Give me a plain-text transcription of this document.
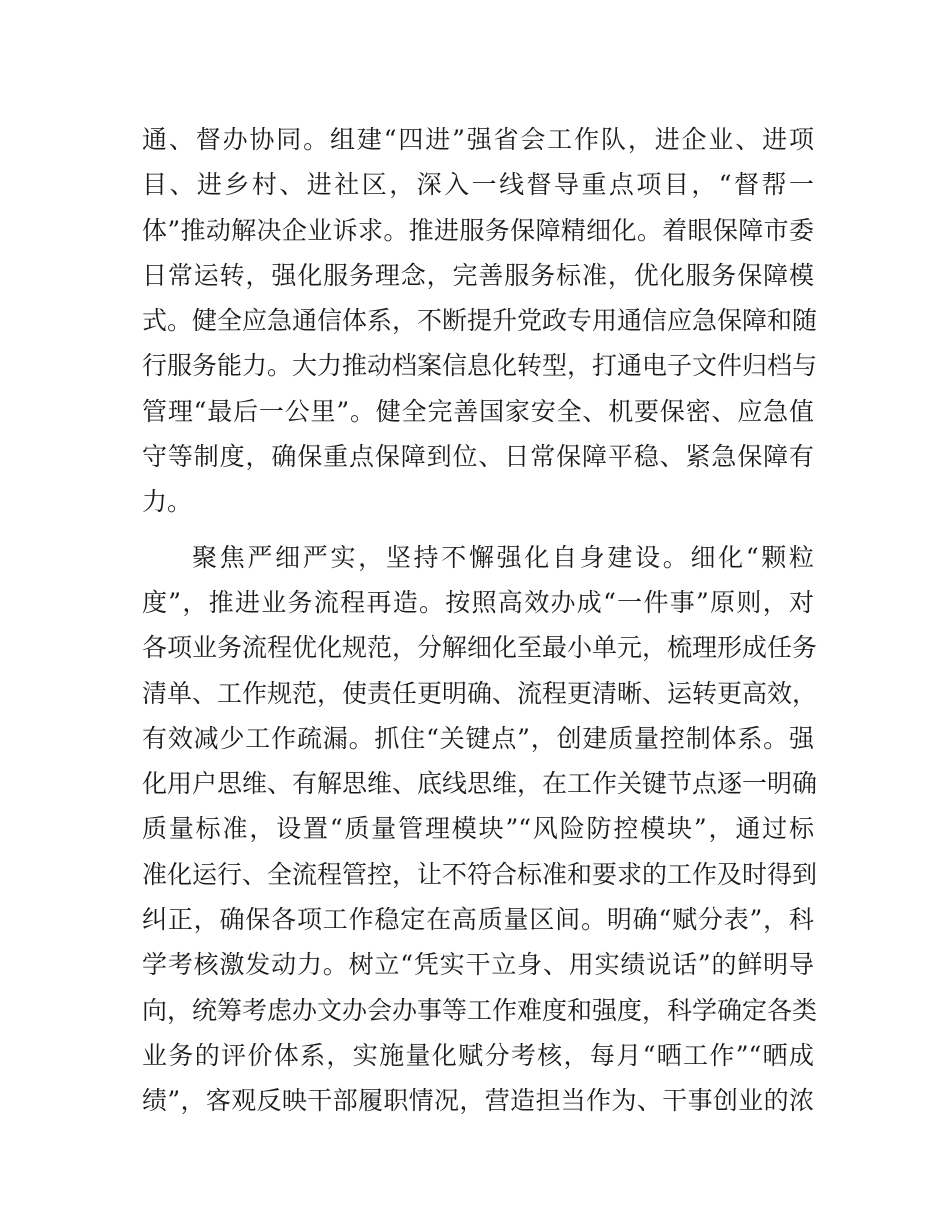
通、督办协同。组建“四进”强省会工作队，进企业、进项
目、进乡村、进社区，深入一线督导重点项目，“督帮一
体”推动解决企业诉求。推进服务保障精细化。着眼保障市委
日常运转，强化服务理念，完善服务标准，优化服务保障模
式。健全应急通信体系，不断提升党政专用通信应急保障和随
行服务能力。大力推动档案信息化转型，打通电子文件归档与
管理“最后一公里”。健全完善国家安全、机要保密、应急值
守等制度，确保重点保障到位、日常保障平稳、紧急保障有
力。
聚焦严细严实，坚持不懈强化自身建设。细化“颗粒
度”，推进业务流程再造。按照高效办成“一件事”原则，对
各项业务流程优化规范，分解细化至最小单元，梳理形成任务
清单、工作规范，使责任更明确、流程更清晰、运转更高效，
有效减少工作疏漏。抓住“关键点”，创建质量控制体系。强
化用户思维、有解思维、底线思维，在工作关键节点逐一明确
质量标准，设置“质量管理模块”“风险防控模块”，通过标
准化运行、全流程管控，让不符合标准和要求的工作及时得到
纠正，确保各项工作稳定在高质量区间。明确“赋分表”，科
学考核激发动力。树立“凭实干立身、用实绩说话”的鲜明导
向，统筹考虑办文办会办事等工作难度和强度，科学确定各类
业务的评价体系，实施量化赋分考核，每月“晒工作”“晒成
绩”，客观反映干部履职情况，营造担当作为、干事创业的浓
